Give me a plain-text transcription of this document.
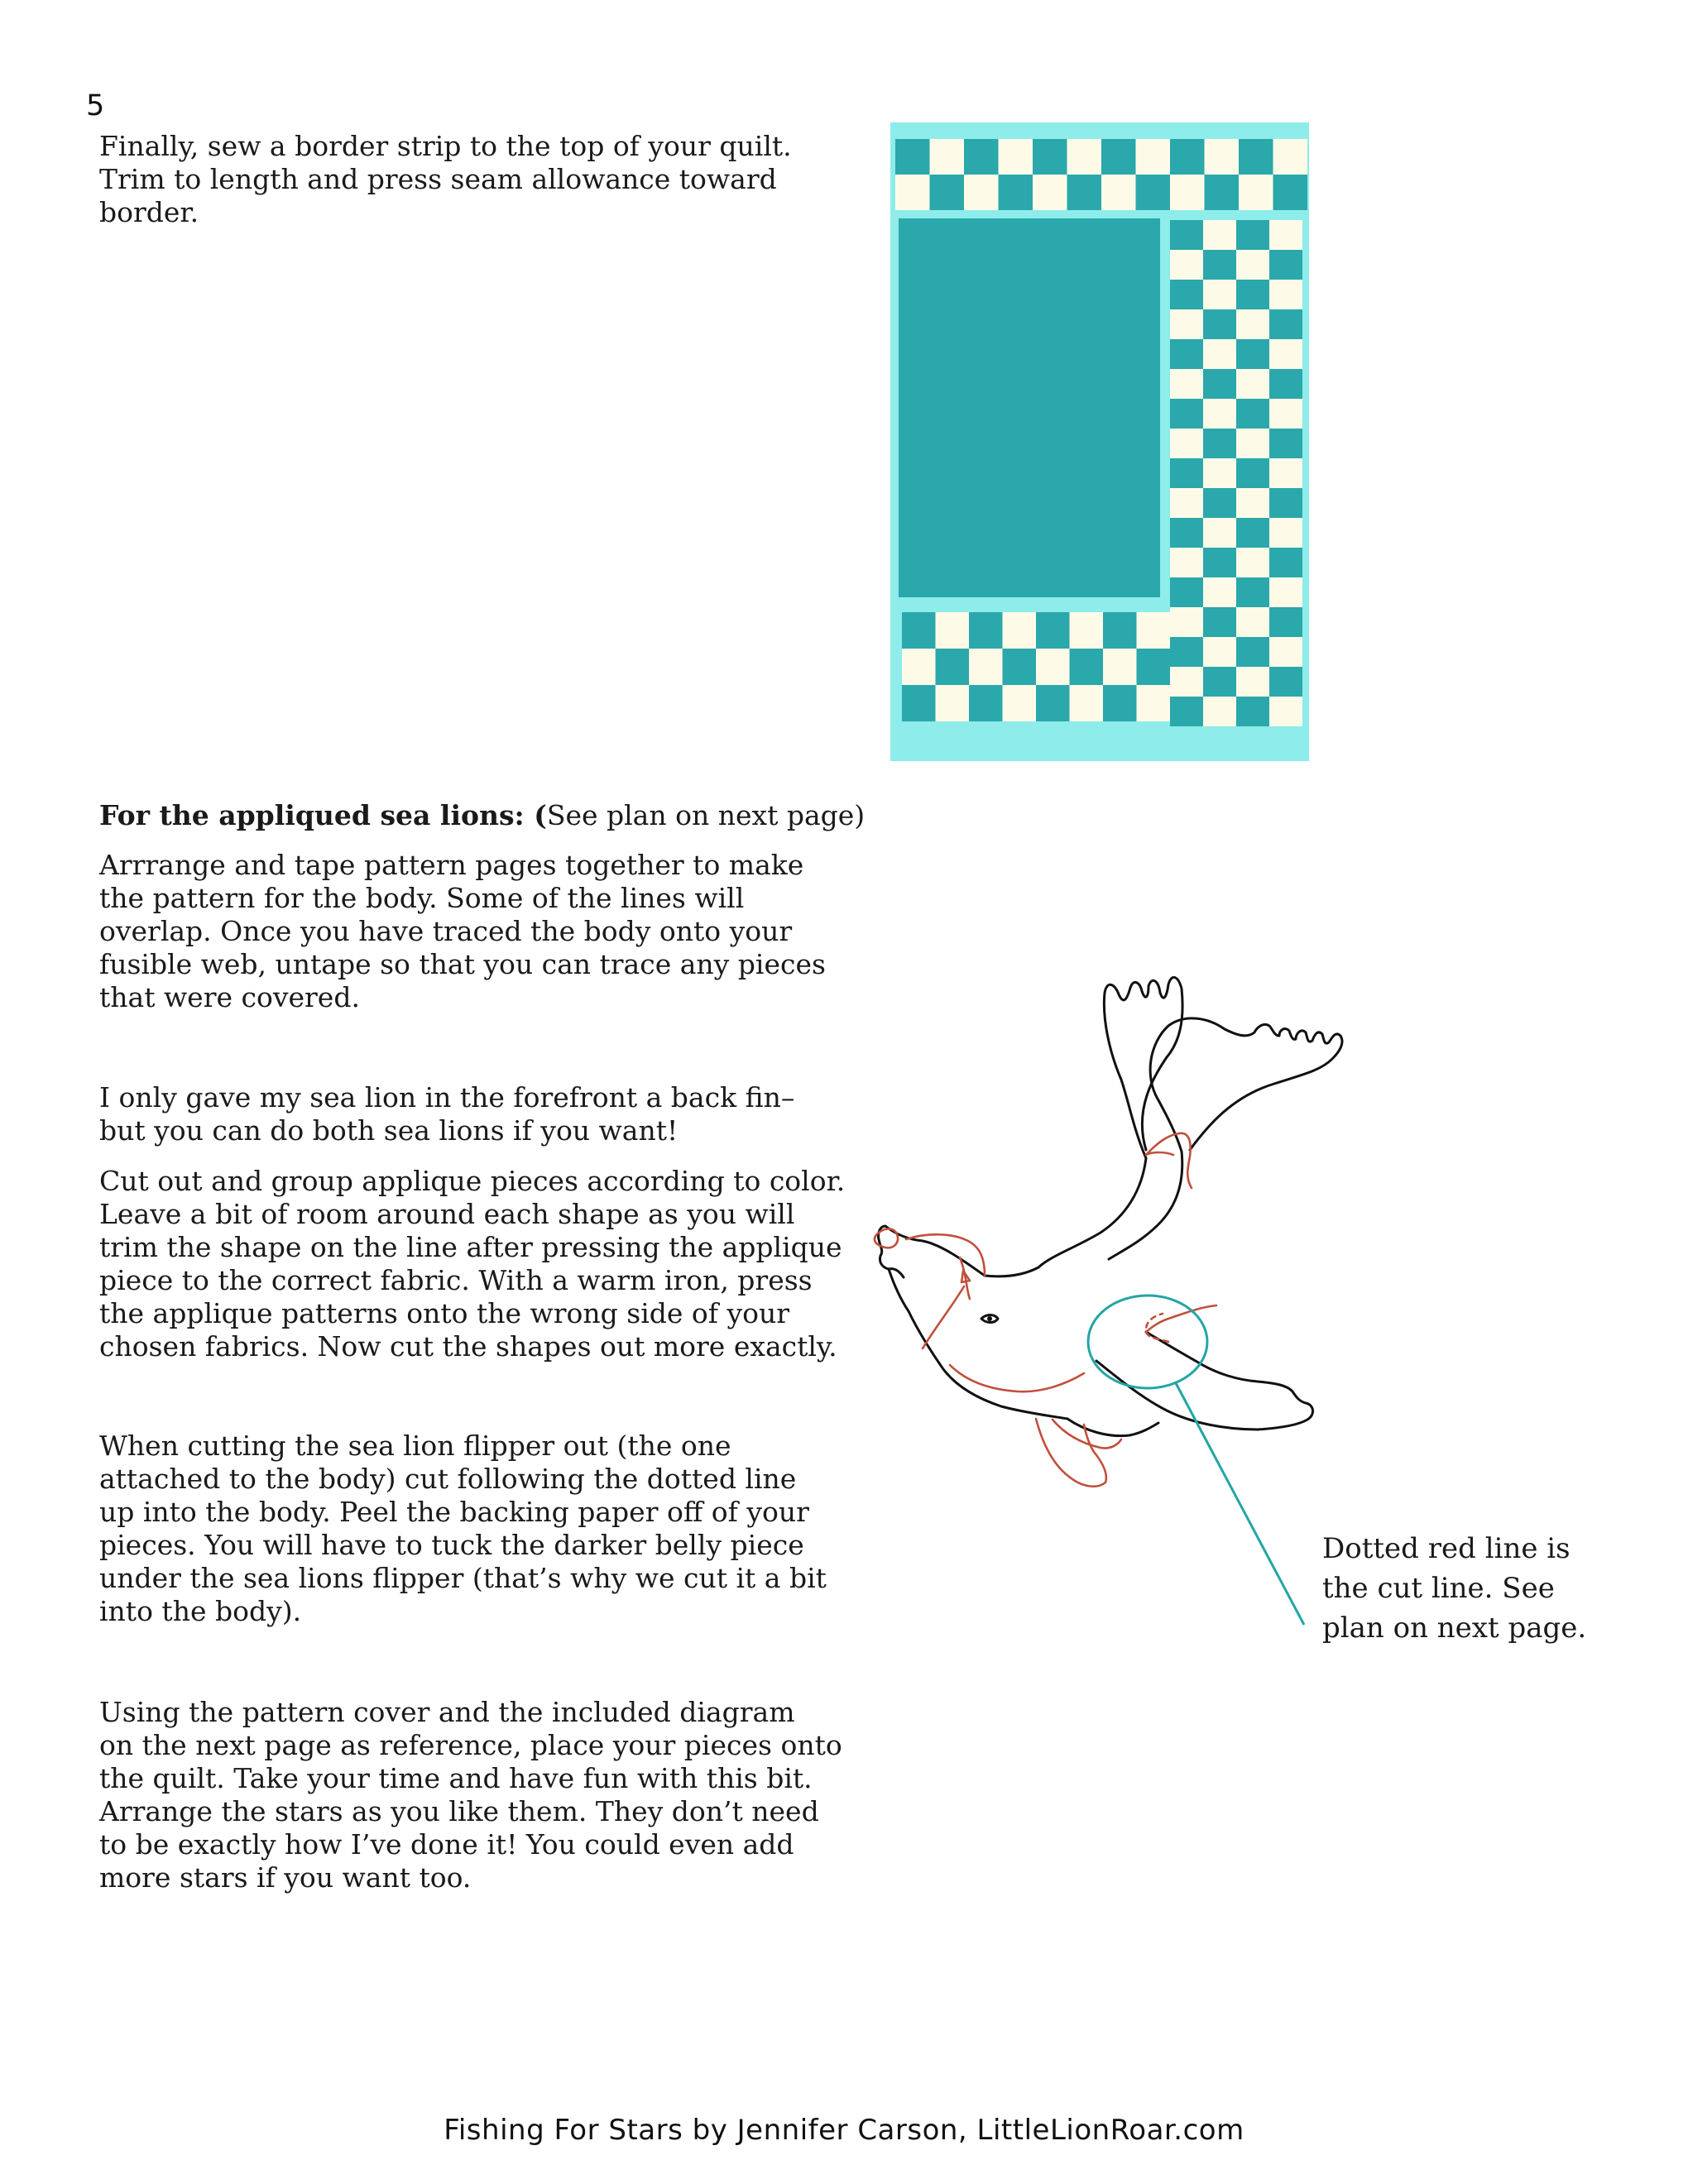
5
Finally, sew a border strip to the top of your quilt.
Trim to length and press seam allowance toward
border.
For the appliqued sea lions: (See plan on next page)
Arrrange and tape pattern pages together to make
the pattern for the body. Some of the lines will
overlap. Once you have traced the body onto your
fusible web, untape so that you can trace any pieces
that were covered.
I only gave my sea lion in the forefront a back fin–
but you can do both sea lions if you want!
Cut out and group applique pieces according to color.
Leave a bit of room around each shape as you will
trim the shape on the line after pressing the applique
piece to the correct fabric. With a warm iron, press
the applique patterns onto the wrong side of your
chosen fabrics. Now cut the shapes out more exactly.
When cutting the sea lion flipper out (the one
attached to the body) cut following the dotted line
up into the body. Peel the backing paper off of your
pieces. You will have to tuck the darker belly piece
under the sea lions flipper (that’s why we cut it a bit
into the body).
Using the pattern cover and the included diagram
on the next page as reference, place your pieces onto
the quilt. Take your time and have fun with this bit.
Arrange the stars as you like them. They don’t need
to be exactly how I’ve done it! You could even add
more stars if you want too.
Dotted red line is
the cut line. See
plan on next page.
Fishing For Stars by Jennifer Carson, LittleLionRoar.com
